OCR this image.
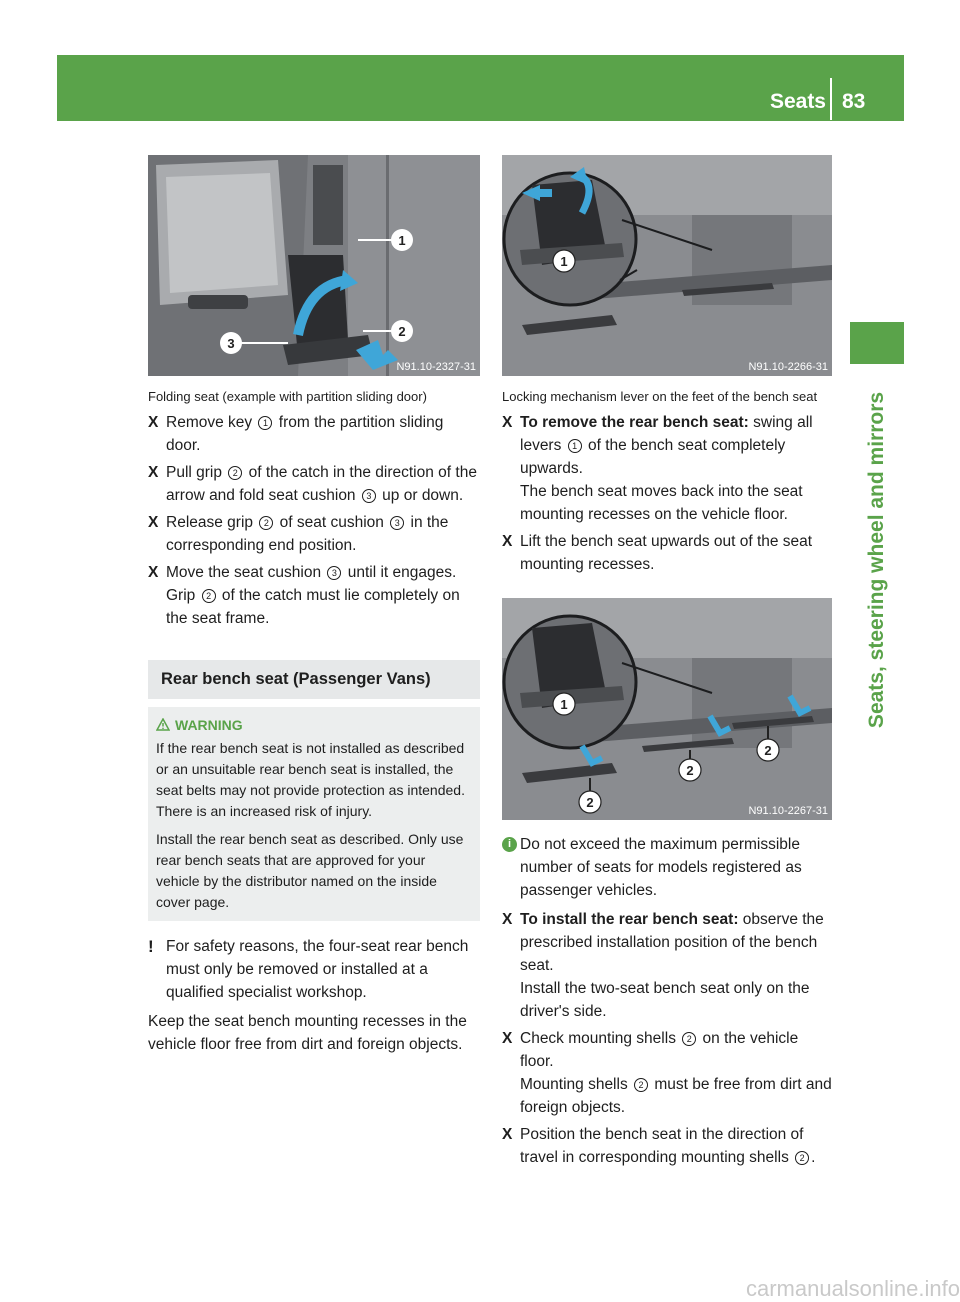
Seats 83
Seats, steering wheel and mirrors
1
2
3
N91.10-2327-31
1
N91.10-2266-31
1
2
2
2
N91.10-2267-31

Folding seat (example with partition sliding door)

X Remove key 1 from the partition sliding door.
X Pull grip 2 of the catch in the direction of the arrow and fold seat cushion 3 up or down.
X Release grip 2 of seat cushion 3 in the corresponding end position.
X Move the seat cushion 3 until it engages. Grip 2 of the catch must lie completely on the seat frame.
Rear bench seat (Passenger Vans)
WARNING

If the rear bench seat is not installed as described or an unsuitable rear bench seat is installed, the seat belts may not provide protection as intended. There is an increased risk of injury.

Install the rear bench seat as described. Only use rear bench seats that are approved for your vehicle by the distributor named on the inside cover page.

! For safety reasons, the four-seat rear bench must only be removed or installed at a qualified specialist workshop.

Keep the seat bench mounting recesses in the vehicle floor free from dirt and foreign objects.

Locking mechanism lever on the feet of the bench seat

X To remove the rear bench seat: swing all levers 1 of the bench seat completely upwards.
The bench seat moves back into the seat mounting recesses on the vehicle floor.
X Lift the bench seat upwards out of the seat mounting recesses.
i Do not exceed the maximum permissible number of seats for models registered as passenger vehicles.
X To install the rear bench seat: observe the prescribed installation position of the bench seat.
Install the two-seat bench seat only on the driver's side.
X Check mounting shells 2 on the vehicle floor.
Mounting shells 2 must be free from dirt and foreign objects.
X Position the bench seat in the direction of travel in corresponding mounting shells 2 .
carmanualsonline.info
